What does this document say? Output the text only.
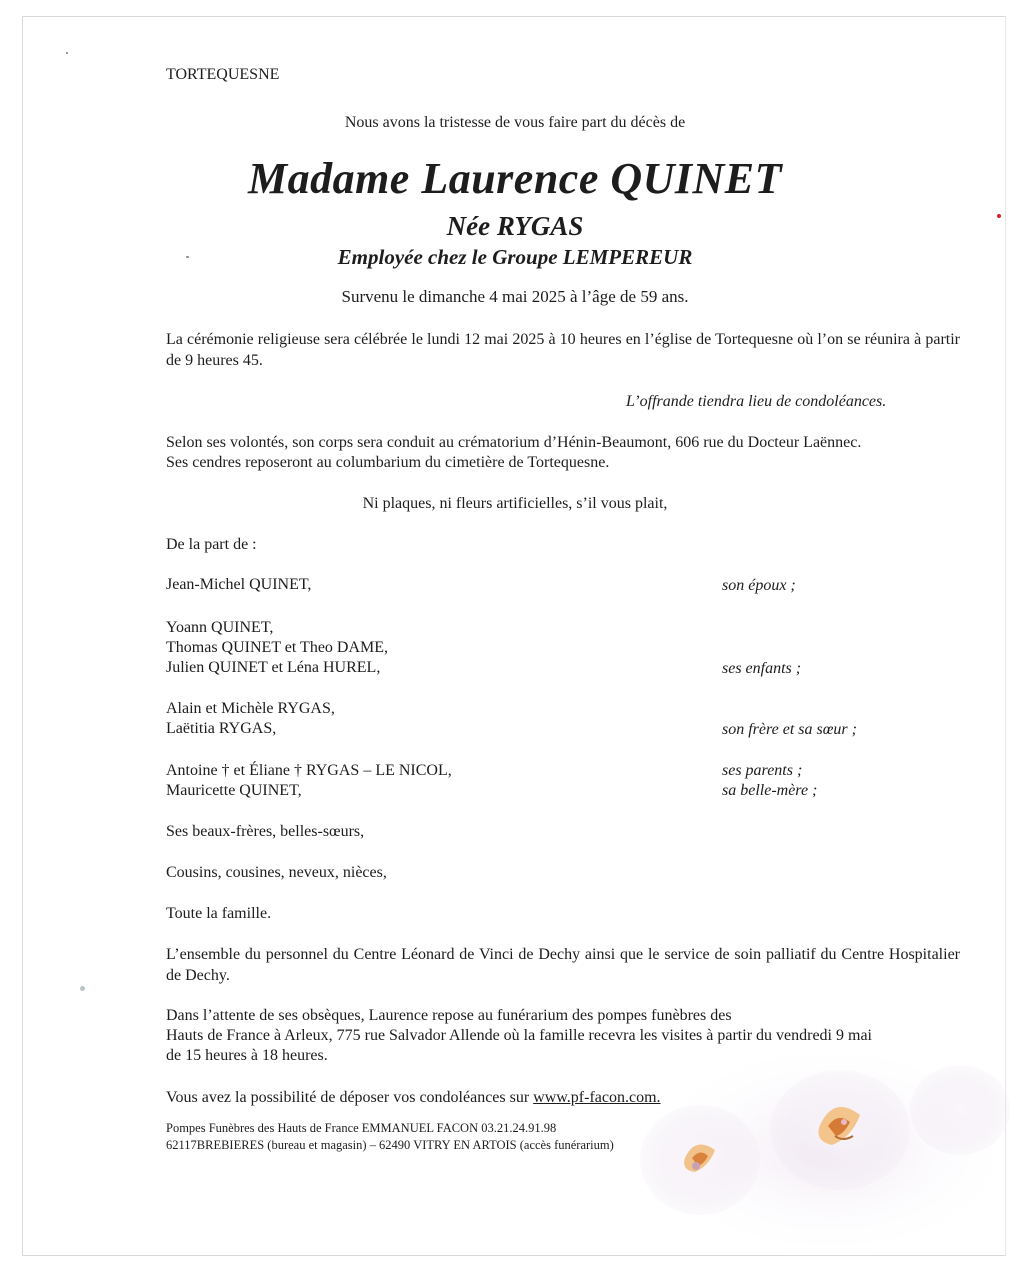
TORTEQUESNE
Nous avons la tristesse de vous faire part du décès de
Madame Laurence QUINET
Née RYGAS
Employée chez le Groupe LEMPEREUR
Survenu le dimanche 4 mai 2025 à l’âge de 59 ans.
La cérémonie religieuse sera célébrée le lundi 12 mai 2025 à 10 heures en l’église de Tortequesne où l’on se réunira à partir de 9 heures 45.
L’offrande tiendra lieu de condoléances.
Selon ses volontés, son corps sera conduit au crématorium d’Hénin-Beaumont, 606 rue du Docteur Laënnec.
Ses cendres reposeront au columbarium du cimetière de Tortequesne.
Ni plaques, ni fleurs artificielles, s’il vous plait,
De la part de :
Jean-Michel QUINET,	son époux ;
Yoann QUINET,
Thomas QUINET et Theo DAME,
Julien QUINET et Léna HUREL,	ses enfants ;
Alain et Michèle RYGAS,
Laëtitia RYGAS,	son frère et sa sœur ;
Antoine † et Éliane † RYGAS – LE NICOL,	ses parents ;
Mauricette QUINET,	sa belle-mère ;
Ses beaux-frères, belles-sœurs,
Cousins, cousines, neveux, nièces,
Toute la famille.
L’ensemble du personnel du Centre Léonard de Vinci de Dechy ainsi que le service de soin palliatif du Centre Hospitalier de Dechy.
Dans l’attente de ses obsèques, Laurence repose au funérarium des pompes funèbres des
Hauts de France à Arleux, 775 rue Salvador Allende où la famille recevra les visites à partir du vendredi 9 mai
de 15 heures à 18 heures.
Vous avez la possibilité de déposer vos condoléances sur www.pf-facon.com.
Pompes Funèbres des Hauts de France EMMANUEL FACON 03.21.24.91.98
62117BREBIERES (bureau et magasin) – 62490 VITRY EN ARTOIS (accès funérarium)
